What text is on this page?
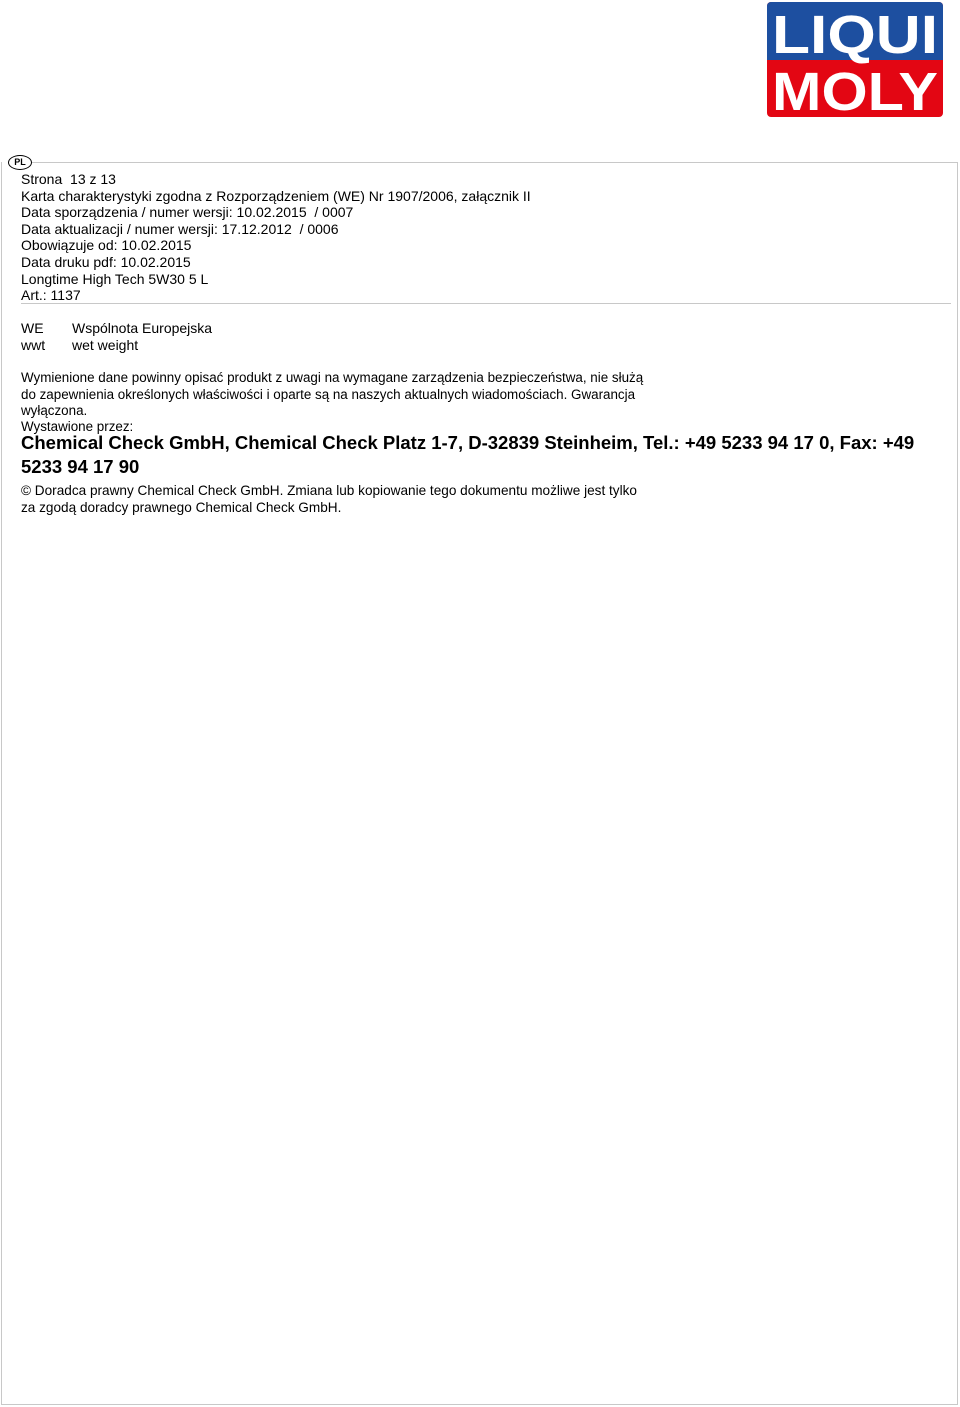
PL
LIQUI
MOLY
Strona  13 z 13
Karta charakterystyki zgodna z Rozporządzeniem (WE) Nr 1907/2006, załącznik II
Data sporządzenia / numer wersji: 10.02.2015  / 0007
Data aktualizacji / numer wersji: 17.12.2012  / 0006
Obowiązuje od: 10.02.2015
Data druku pdf: 10.02.2015
Longtime High Tech 5W30 5 L
Art.: 1137
WE	Wspólnota Europejska
wwt	wet weight
Wymienione dane powinny opisać produkt z uwagi na wymagane zarządzenia bezpieczeństwa, nie służą do zapewnienia określonych właściwości i oparte są na naszych aktualnych wiadomościach. Gwarancja wyłączona.
Wystawione przez:
Chemical Check GmbH, Chemical Check Platz 1-7, D-32839 Steinheim, Tel.: +49 5233 94 17 0, Fax: +49 5233 94 17 90
© Doradca prawny Chemical Check GmbH. Zmiana lub kopiowanie tego dokumentu możliwe jest tylko za zgodą doradcy prawnego Chemical Check GmbH.
